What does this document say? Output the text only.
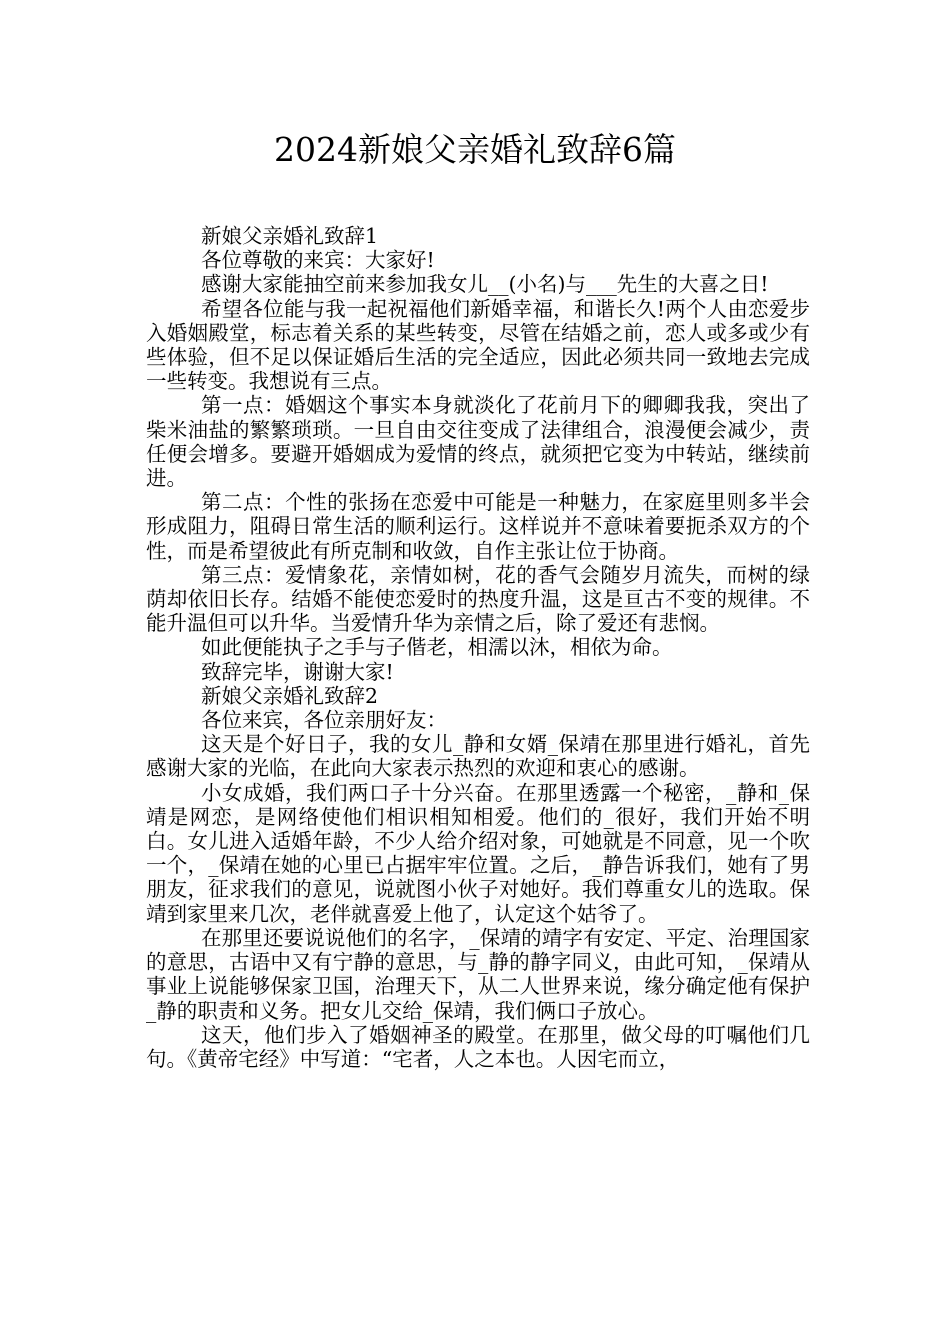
2024新娘父亲婚礼致辞6篇

新娘父亲婚礼致辞1

各位尊敬的来宾：大家好!

感谢大家能抽空前来参加我女儿__(小名)与___先生的大喜之日!

希望各位能与我一起祝福他们新婚幸福，和谐长久!两个人由恋爱步入婚姻殿堂，标志着关系的某些转变，尽管在结婚之前，恋人或多或少有些体验，但不足以保证婚后生活的完全适应，因此必须共同一致地去完成一些转变。我想说有三点。

第一点：婚姻这个事实本身就淡化了花前月下的卿卿我我，突出了柴米油盐的繁繁琐琐。一旦自由交往变成了法律组合，浪漫便会减少，责任便会增多。要避开婚姻成为爱情的终点，就须把它变为中转站，继续前进。

第二点：个性的张扬在恋爱中可能是一种魅力，在家庭里则多半会形成阻力，阻碍日常生活的顺利运行。这样说并不意味着要扼杀双方的个性，而是希望彼此有所克制和收敛，自作主张让位于协商。

第三点：爱情象花，亲情如树，花的香气会随岁月流失，而树的绿荫却依旧长存。结婚不能使恋爱时的热度升温，这是亘古不变的规律。不能升温但可以升华。当爱情升华为亲情之后，除了爱还有悲悯。

如此便能执子之手与子偕老，相濡以沐，相依为命。

致辞完毕，谢谢大家!

新娘父亲婚礼致辞2

各位来宾，各位亲朋好友：

这天是个好日子，我的女儿_静和女婿_保靖在那里进行婚礼，首先感谢大家的光临，在此向大家表示热烈的欢迎和衷心的感谢。

小女成婚，我们两口子十分兴奋。在那里透露一个秘密，_静和_保靖是网恋，是网络使他们相识相知相爱。他们的_很好，我们开始不明白。女儿进入适婚年龄，不少人给介绍对象，可她就是不同意，见一个吹一个，_保靖在她的心里已占据牢牢位置。之后，_静告诉我们，她有了男朋友，征求我们的意见，说就图小伙子对她好。我们尊重女儿的选取。保靖到家里来几次，老伴就喜爱上他了，认定这个姑爷了。

在那里还要说说他们的名字，_保靖的靖字有安定、平定、治理国家的意思，古语中又有宁静的意思，与_静的静字同义，由此可知，_保靖从事业上说能够保家卫国，治理天下，从二人世界来说，缘分确定他有保护_静的职责和义务。把女儿交给_保靖，我们俩口子放心。

这天，他们步入了婚姻神圣的殿堂。在那里，做父母的叮嘱他们几句。《黄帝宅经》中写道：“宅者，人之本也。人因宅而立，
